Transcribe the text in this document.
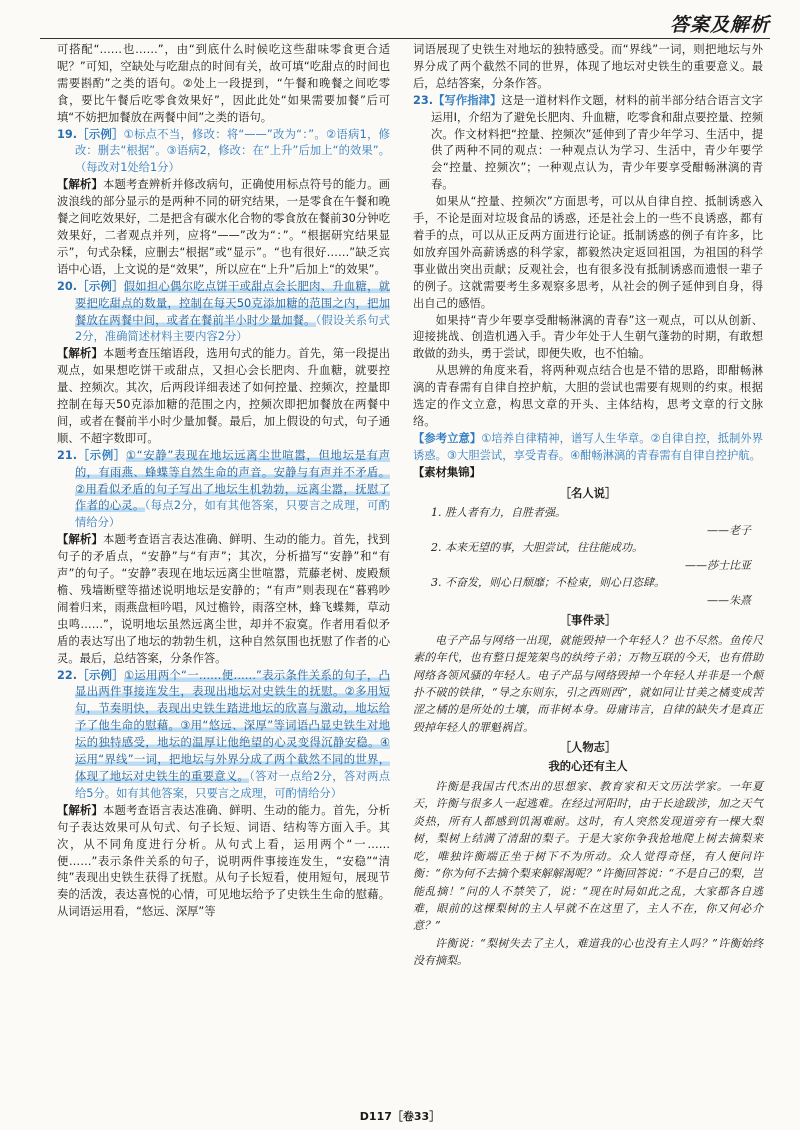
答案及解析

可搭配“……也……”，由“到底什么时候吃这些甜味零食更合适呢？”可知，空缺处与吃甜点的时间有关，故可填“吃甜点的时间也需要斟酌”之类的语句。②处上一段提到，“午餐和晚餐之间吃零食，要比午餐后吃零食效果好”，因此此处“如果需要加餐”后可填“不妨把加餐放在两餐中间”之类的语句。

19.［示例］①标点不当，修改：将“——”改为“：”。②语病1，修改：删去“根据”。③语病2，修改：在“上升”后加上“的效果”。（每改对1处给1分）

【解析】本题考查辨析并修改病句，正确使用标点符号的能力。画波浪线的部分显示的是两种不同的研究结果，一是零食在午餐和晚餐之间吃效果好，二是把含有碳水化合物的零食放在餐前30分钟吃效果好，二者观点并列，应将“——”改为“：”。“根据研究结果显示”，句式杂糅，应删去“根据”或“显示”。“也有很好……”缺乏宾语中心语，上文说的是“效果”，所以应在“上升”后加上“的效果”。

20.［示例］假如担心偶尔吃点饼干或甜点会长肥肉、升血糖，就要把吃甜点的数量，控制在每天50克添加糖的范围之内，把加餐放在两餐中间，或者在餐前半小时少量加餐。（假设关系句式2分，准确简述材料主要内容2分）

【解析】本题考查压缩语段，选用句式的能力。首先，第一段提出观点，如果想吃饼干或甜点，又担心会长肥肉、升血糖，就要控量、控频次。其次，后两段详细表述了如何控量、控频次，控量即控制在每天50克添加糖的范围之内，控频次即把加餐放在两餐中间，或者在餐前半小时少量加餐。最后，加上假设的句式，句子通顺、不超字数即可。

21.［示例］①“安静”表现在地坛远离尘世喧嚣，但地坛是有声的，有雨燕、蜂蝶等自然生命的声音。安静与有声并不矛盾。②用看似矛盾的句子写出了地坛生机勃勃，远离尘嚣，抚慰了作者的心灵。（每点2分，如有其他答案，只要言之成理，可酌情给分）

【解析】本题考查语言表达准确、鲜明、生动的能力。首先，找到句子的矛盾点，“安静”与“有声”；其次，分析描写“安静”和“有声”的句子。“安静”表现在地坛远离尘世喧嚣，荒藤老树、废殿颓檐、残墙断壁等描述说明地坛是安静的；“有声”则表现在“暮鸦吵闹着归来，雨燕盘桓吟唱，风过檐铃，雨落空林，蜂飞蝶舞，草动虫鸣……”，说明地坛虽然远离尘世，却并不寂寞。作者用看似矛盾的表达写出了地坛的勃勃生机，这种自然氛围也抚慰了作者的心灵。最后，总结答案，分条作答。

22.［示例］①运用两个“一……便……”表示条件关系的句子，凸显出两件事接连发生，表现出地坛对史铁生的抚慰。②多用短句，节奏明快，表现出史铁生踏进地坛的欣喜与激动，地坛给予了他生命的慰藉。③用“悠远、深厚”等词语凸显史铁生对地坛的独特感受，地坛的温厚让他绝望的心灵变得沉静安稳。④运用“界线”一词，把地坛与外界分成了两个截然不同的世界，体现了地坛对史铁生的重要意义。（答对一点给2分，答对两点给5分。如有其他答案，只要言之成理，可酌情给分）

【解析】本题考查语言表达准确、鲜明、生动的能力。首先，分析句子表达效果可从句式、句子长短、词语、结构等方面入手。其次，从不同角度进行分析。从句式上看，运用两个“一……便……”表示条件关系的句子，说明两件事接连发生，“安稳”“清纯”表现出史铁生获得了抚慰。从句子长短看，使用短句，展现节奏的活泼，表达喜悦的心情，可见地坛给予了史铁生生命的慰藉。从词语运用看，“悠远、深厚”等

词语展现了史铁生对地坛的独特感受。而“界线”一词，则把地坛与外界分成了两个截然不同的世界，体现了地坛对史铁生的重要意义。最后，总结答案，分条作答。

23.【写作指津】这是一道材料作文题，材料的前半部分结合语言文字运用Ⅰ，介绍为了避免长肥肉、升血糖，吃零食和甜点要控量、控频次。作文材料把“控量、控频次”延伸到了青少年学习、生活中，提供了两种不同的观点：一种观点认为学习、生活中，青少年要学会“控量、控频次”；一种观点认为，青少年要享受酣畅淋漓的青春。

如果从“控量、控频次”方面思考，可以从自律自控、抵制诱惑入手，不论是面对垃圾食品的诱惑，还是社会上的一些不良诱惑，都有着手的点，可以从正反两方面进行论证。抵制诱惑的例子有许多，比如放弃国外高薪诱惑的科学家，都毅然决定返回祖国，为祖国的科学事业做出突出贡献；反观社会，也有很多没有抵制诱惑而遗恨一辈子的例子。这就需要考生多观察多思考，从社会的例子延伸到自身，得出自己的感悟。

如果持“青少年要享受酣畅淋漓的青春”这一观点，可以从创新、迎接挑战、创造机遇入手。青少年处于人生朝气蓬勃的时期，有敢想敢做的劲头，勇于尝试，即便失败，也不怕输。

从思辨的角度来看，将两种观点结合也是不错的思路，即酣畅淋漓的青春需有自律自控护航，大胆的尝试也需要有规则的约束。根据选定的作文立意，构思文章的开头、主体结构，思考文章的行文脉络。

【参考立意】①培养自律精神，谱写人生华章。②自律自控，抵制外界诱惑。③大胆尝试，享受青春。④酣畅淋漓的青春需有自律自控护航。

【素材集锦】

［名人说］
1. 胜人者有力，自胜者强。
——老子
2. 本来无望的事，大胆尝试，往往能成功。
——莎士比亚
3. 不奋发，则心日颓靡；不检束，则心日恣肆。
——朱熹
［事件录］

电子产品与网络一出现，就能毁掉一个年轻人？也不尽然。鱼传尺素的年代，也有整日提笼架鸟的纨绔子弟；万物互联的今天，也有借助网络各领风骚的年轻人。电子产品与网络毁掉一个年轻人并非是一个颠扑不破的铁律，“导之东则东，引之西则西”，就如同让甘美之橘变成苦涩之橘的是所处的土壤，而非树本身。毋庸讳言，自律的缺失才是真正毁掉年轻人的罪魁祸首。

［人物志］
我的心还有主人

许衡是我国古代杰出的思想家、教育家和天文历法学家。一年夏天，许衡与很多人一起逃难。在经过河阳时，由于长途跋涉，加之天气炎热，所有人都感到饥渴难耐。这时，有人突然发现道旁有一棵大梨树，梨树上结满了清甜的梨子。于是大家你争我抢地爬上树去摘梨来吃，唯独许衡端正坐于树下不为所动。众人觉得奇怪，有人便问许衡：“你为何不去摘个梨来解解渴呢？”许衡回答说：“不是自己的梨，岂能乱摘！”问的人不禁笑了，说：“现在时局如此之乱，大家都各自逃难，眼前的这棵梨树的主人早就不在这里了，主人不在，你又何必介意？”

许衡说：“梨树失去了主人，难道我的心也没有主人吗？”许衡始终没有摘梨。

D117［卷33］
